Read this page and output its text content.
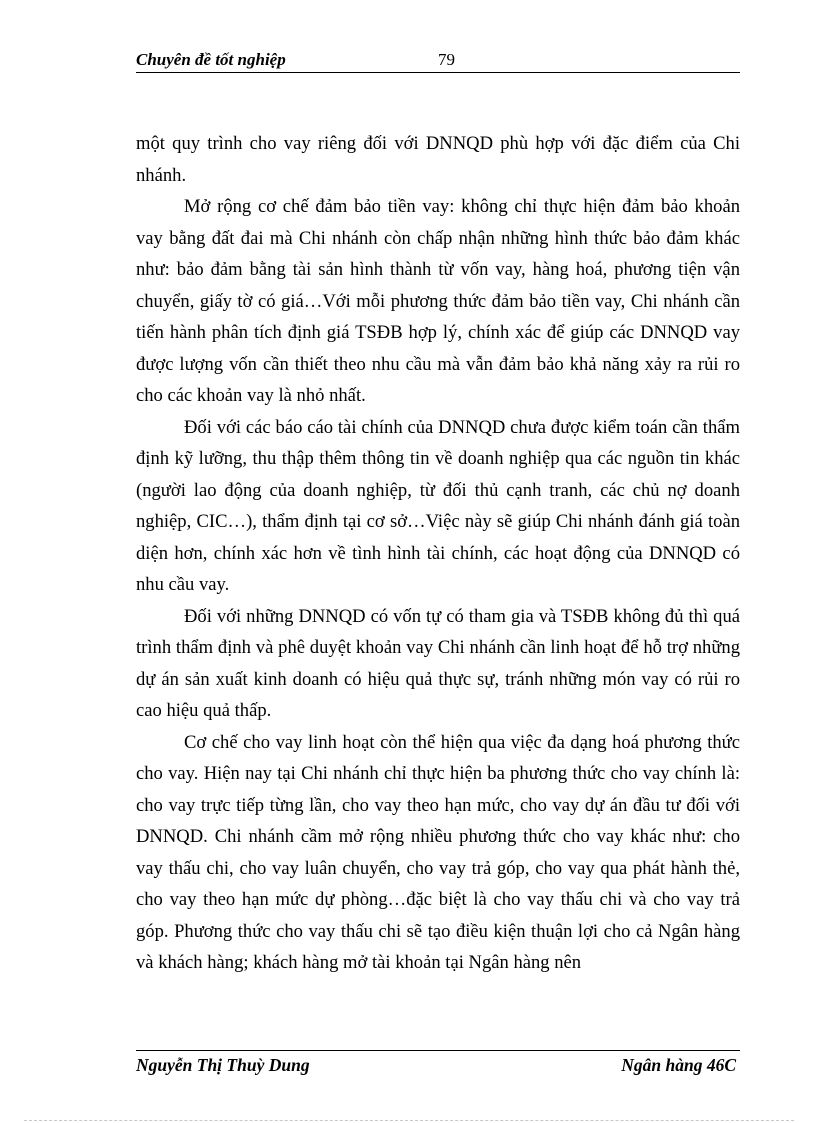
Chuyên đề tốt nghiệp	79

một quy trình cho vay riêng đối với DNNQD phù hợp với đặc điểm của Chi nhánh.

Mở rộng cơ chế đảm bảo tiền vay: không chỉ thực hiện đảm bảo khoản vay bằng đất đai mà Chi nhánh còn chấp nhận những hình thức bảo đảm khác như: bảo đảm bằng tài sản hình thành từ vốn vay, hàng hoá, phương tiện vận chuyển, giấy tờ có giá…Với mỗi phương thức đảm bảo tiền vay, Chi nhánh cần tiến hành phân tích định giá TSĐB hợp lý, chính xác để giúp các DNNQD vay được lượng vốn cần thiết theo nhu cầu mà vẫn đảm bảo khả năng xảy ra rủi ro cho các khoản vay là nhỏ nhất.

Đối với các báo cáo tài chính của DNNQD chưa được kiểm toán cần thẩm định kỹ lưỡng, thu thập thêm thông tin về doanh nghiệp qua các nguồn tin khác (người lao động của doanh nghiệp, từ đối thủ cạnh tranh, các chủ nợ doanh nghiệp, CIC…), thẩm định tại cơ sở…Việc này sẽ giúp Chi nhánh đánh giá toàn diện hơn, chính xác hơn về tình hình tài chính, các hoạt động của DNNQD có nhu cầu vay.

Đối với những DNNQD có vốn tự có tham gia và TSĐB không đủ thì quá trình thẩm định và phê duyệt khoản vay Chi nhánh cần linh hoạt để hỗ trợ những dự án sản xuất kinh doanh có hiệu quả thực sự, tránh những món vay có rủi ro cao hiệu quả thấp.

Cơ chế cho vay linh hoạt còn thể hiện qua việc đa dạng hoá phương thức cho vay. Hiện nay tại Chi nhánh chỉ thực hiện ba phương thức cho vay chính là: cho vay trực tiếp từng lần, cho vay theo hạn mức, cho vay dự án đầu tư đối với DNNQD. Chi nhánh cầm mở rộng nhiều phương thức cho vay khác như: cho vay thấu chi, cho vay luân chuyển, cho vay trả góp, cho vay qua phát hành thẻ, cho vay theo hạn mức dự phòng…đặc biệt là cho vay thấu chi và cho vay trả góp. Phương thức cho vay thấu chi sẽ tạo điều kiện thuận lợi cho cả Ngân hàng và khách hàng; khách hàng mở tài khoản tại Ngân hàng nên

Nguyễn Thị Thuỳ Dung	Ngân hàng 46C
